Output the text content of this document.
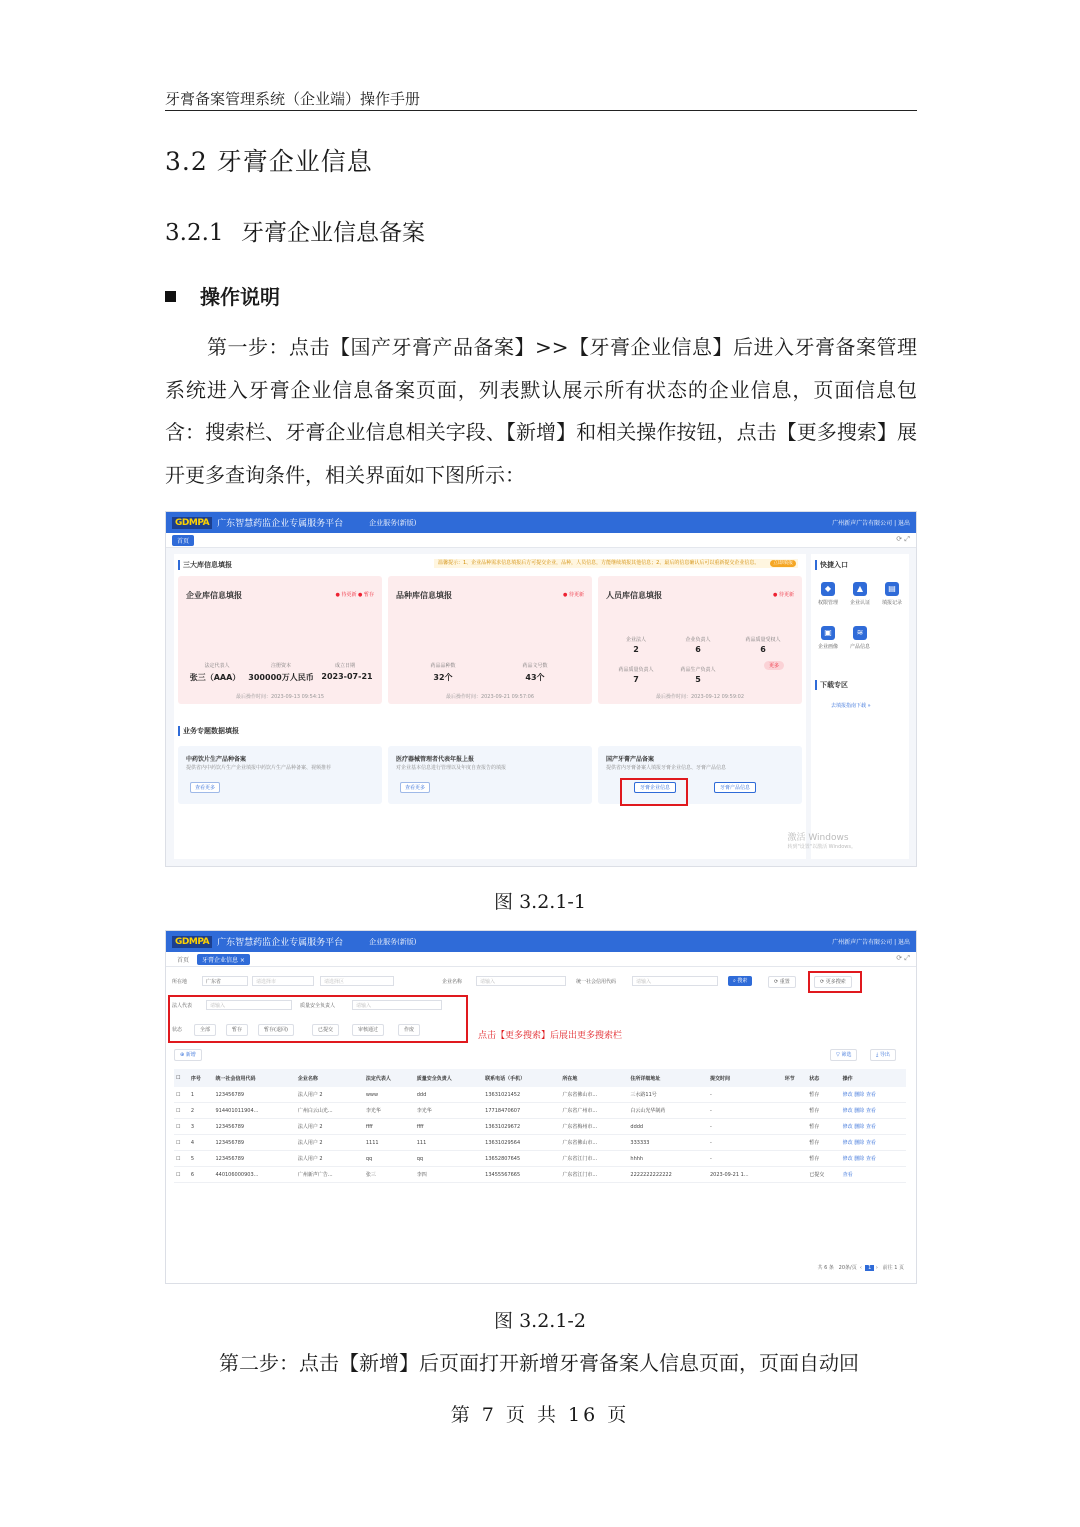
牙膏备案管理系统（企业端）操作手册
3.2 牙膏企业信息
3.2.1 牙膏企业信息备案
操作说明

第一步：点击【国产牙膏产品备案】>>【牙膏企业信息】后进入牙膏备案管理系统进入牙膏企业信息备案页面，列表默认展示所有状态的企业信息，页面信息包含：搜索栏、牙膏企业信息相关字段、【新增】和相关操作按钮，点击【更多搜索】展开更多查询条件，相关界面如下图所示：

GDMPA 广东智慧药监企业专属服务平台	企业服务(新版)	广州新声广告有限公司 | 退出
首页	⟳ ⤢
三大库信息填报	温馨提示：1、企业品种需求信息填报后方可提交企业，品种，人员信息，方能继续填报其他信息；2、最后的信息确认后可以重新提交企业信息。	立即填报
企业库信息填报	● 待更新 ● 暂存
法定代表人	注册资本	成立日期
张三（AAA）	300000万人民币 2023-07-21
最后操作时间：2023-09-13 09:54:15
品种库信息填报	● 待更新
药品品种数	药品文号数
32个	43个
最后操作时间：2023-09-21 09:57:06
人员库信息填报	● 待更新
企业法人	企业负责人	药品质量受权人
2	6	6
药品质量负责人	药品生产负责人
7	5
更多
最后操作时间：2023-09-12 09:59:02
业务专题数据填报
中药饮片生产品种备案
提供省内中药饮片生产企业填报中药饮片生产品种备案、视频推荐
查看更多
医疗器械管理者代表年报上报
对企业基本信息进行管理以及年度自查报告的填报
查看更多
国产牙膏产品备案
提供省内牙膏备案人填报牙膏企业信息、牙膏产品信息
牙膏企业信息	牙膏产品信息
快捷入口
◆
权限管理
▲
企业认证
▤
填报记录
▣
企业画像
≋
产品信息
下载专区
去填报指南下载 »
激活 Windows
转到"设置"以激活 Windows。
图 3.2.1-1
GDMPA 广东智慧药监企业专属服务平台	企业服务(新版)	广州新声广告有限公司 | 退出
首页	牙膏企业信息 ×	⟳ ⤢
所在地	广东省	请选择市	请选择区	企业名称	请输入	统一社会信用代码	请输入	⌕ 搜索	⟳ 重置	⟳ 更多搜索
法人代表	请输入	质量安全负责人	请输入
状态	全部	暂存	暂存(退回)	已提交	审核通过	作废
点击【更多搜索】后展出更多搜索栏
⊕ 新增	▽ 筛选	⤓ 导出
☐	序号	统一社会信用代码	企业名称	法定代表人	质量安全负责人	联系电话（手机）	所在地	住所详细地址	提交时间	环节	状态	操作
☐	1	123456789	法人用户 2	www	ddd	13631021452	广东省佛山市...	三水路11号	-		暂存	修改 删除 查看
☐	2	914401011904...	广州白云山光...	李光华	李光华	17718470607	广东省广州市...	白云山光华制药	-		暂存	修改 删除 查看
☐	3	123456789	法人用户 2	ffff	ffff	13631029672	广东省梅州市...	dddd	-		暂存	修改 删除 查看
☐	4	123456789	法人用户 2	1111	111	13631029564	广东省佛山市...	333333	-		暂存	修改 删除 查看
☐	5	123456789	法人用户 2	qq	qq	13652807645	广东省江门市...	hhhh	-		暂存	修改 删除 查看
☐	6	440106000903...	广州新声广告...	张三	李四	13455567665	广东省江门市...	2222222222222	2023-09-21 1...		已提交	查看
共 6 条 20条/页  ‹  1 ›   前往 1 页
图 3.2.1-2

第二步：点击【新增】后页面打开新增牙膏备案人信息页面，页面自动回

第 7 页 共 16 页
